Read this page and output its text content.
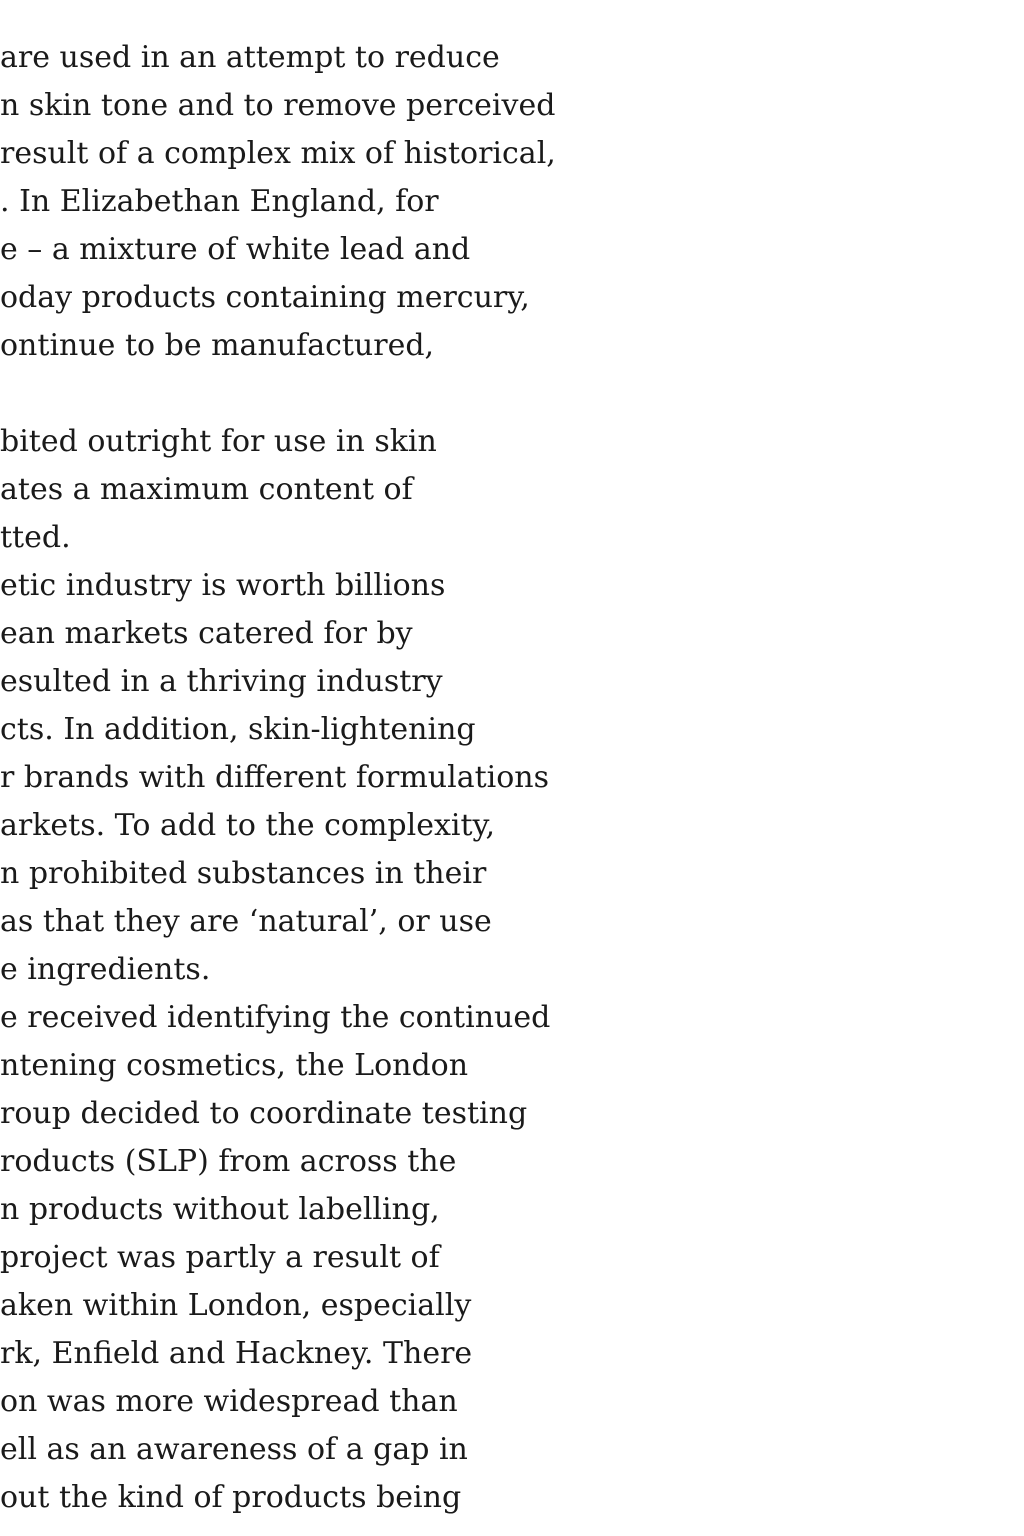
are used in an attempt to reduce
n skin tone and to remove perceived
result of a complex mix of historical,
. In Elizabethan England, for
e – a mixture of white lead and
oday products containing mercury,
ontinue to be manufactured,
bited outright for use in skin
ates a maximum content of
tted.
etic industry is worth billions
ean markets catered for by
esulted in a thriving industry
cts. In addition, skin-lightening
r brands with different formulations
arkets. To add to the complexity,
n prohibited substances in their
as that they are ‘natural’, or use
e ingredients.
e received identifying the continued
ntening cosmetics, the London
roup decided to coordinate testing
roducts (SLP) from across the
n products without labelling,
project was partly a result of
aken within London, especially
rk, Enfield and Hackney. There
on was more widespread than
ell as an awareness of a gap in
out the kind of products being
